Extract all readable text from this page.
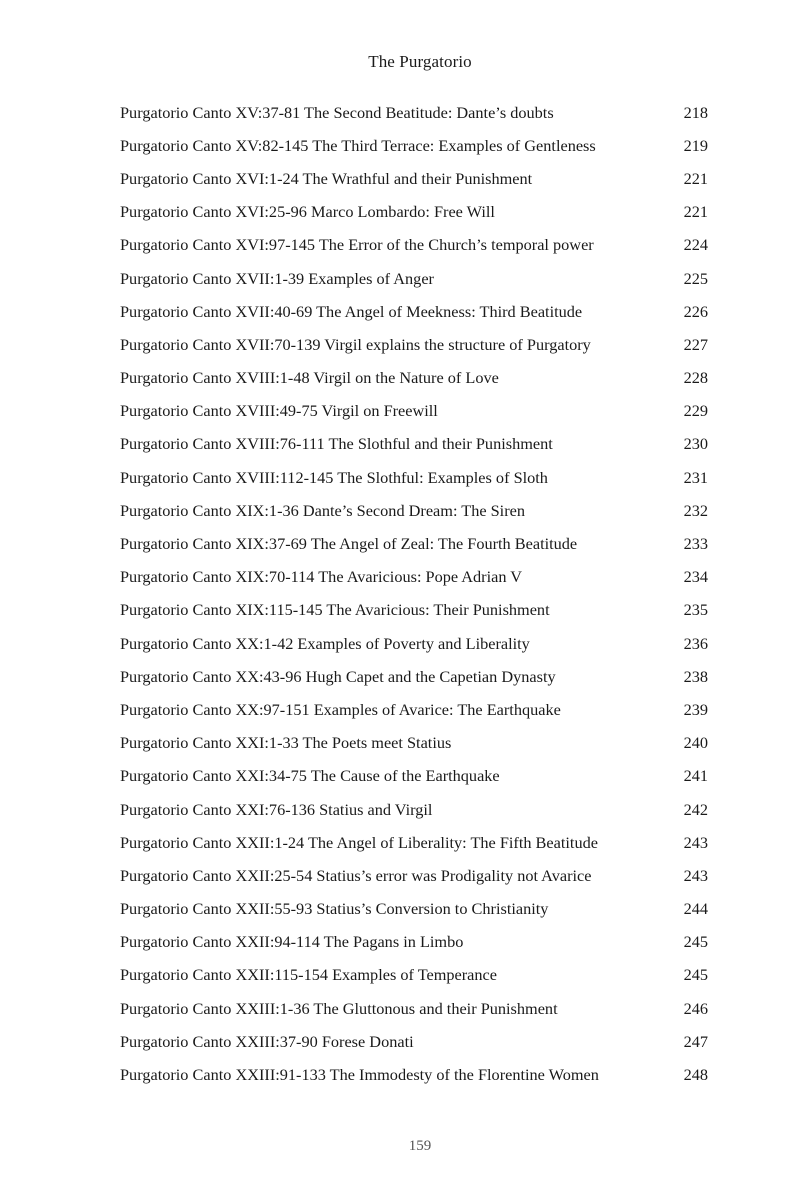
The Purgatorio
Purgatorio Canto XV:37-81 The Second Beatitude: Dante’s doubts	218
Purgatorio Canto XV:82-145 The Third Terrace: Examples of Gentleness	219
Purgatorio Canto XVI:1-24 The Wrathful and their Punishment	221
Purgatorio Canto XVI:25-96 Marco Lombardo: Free Will	221
Purgatorio Canto XVI:97-145 The Error of the Church’s temporal power	224
Purgatorio Canto XVII:1-39 Examples of Anger	225
Purgatorio Canto XVII:40-69 The Angel of Meekness: Third Beatitude	226
Purgatorio Canto XVII:70-139 Virgil explains the structure of Purgatory	227
Purgatorio Canto XVIII:1-48 Virgil on the Nature of Love	228
Purgatorio Canto XVIII:49-75 Virgil on Freewill	229
Purgatorio Canto XVIII:76-111 The Slothful and their Punishment	230
Purgatorio Canto XVIII:112-145 The Slothful: Examples of Sloth	231
Purgatorio Canto XIX:1-36 Dante’s Second Dream: The Siren	232
Purgatorio Canto XIX:37-69 The Angel of Zeal: The Fourth Beatitude	233
Purgatorio Canto XIX:70-114 The Avaricious: Pope Adrian V	234
Purgatorio Canto XIX:115-145 The Avaricious: Their Punishment	235
Purgatorio Canto XX:1-42 Examples of Poverty and Liberality	236
Purgatorio Canto XX:43-96 Hugh Capet and the Capetian Dynasty	238
Purgatorio Canto XX:97-151 Examples of Avarice: The Earthquake	239
Purgatorio Canto XXI:1-33 The Poets meet Statius	240
Purgatorio Canto XXI:34-75 The Cause of the Earthquake	241
Purgatorio Canto XXI:76-136 Statius and Virgil	242
Purgatorio Canto XXII:1-24 The Angel of Liberality: The Fifth Beatitude	243
Purgatorio Canto XXII:25-54 Statius’s error was Prodigality not Avarice	243
Purgatorio Canto XXII:55-93 Statius’s Conversion to Christianity	244
Purgatorio Canto XXII:94-114 The Pagans in Limbo	245
Purgatorio Canto XXII:115-154 Examples of Temperance	245
Purgatorio Canto XXIII:1-36 The Gluttonous and their Punishment	246
Purgatorio Canto XXIII:37-90 Forese Donati	247
Purgatorio Canto XXIII:91-133 The Immodesty of the Florentine Women	248
159
